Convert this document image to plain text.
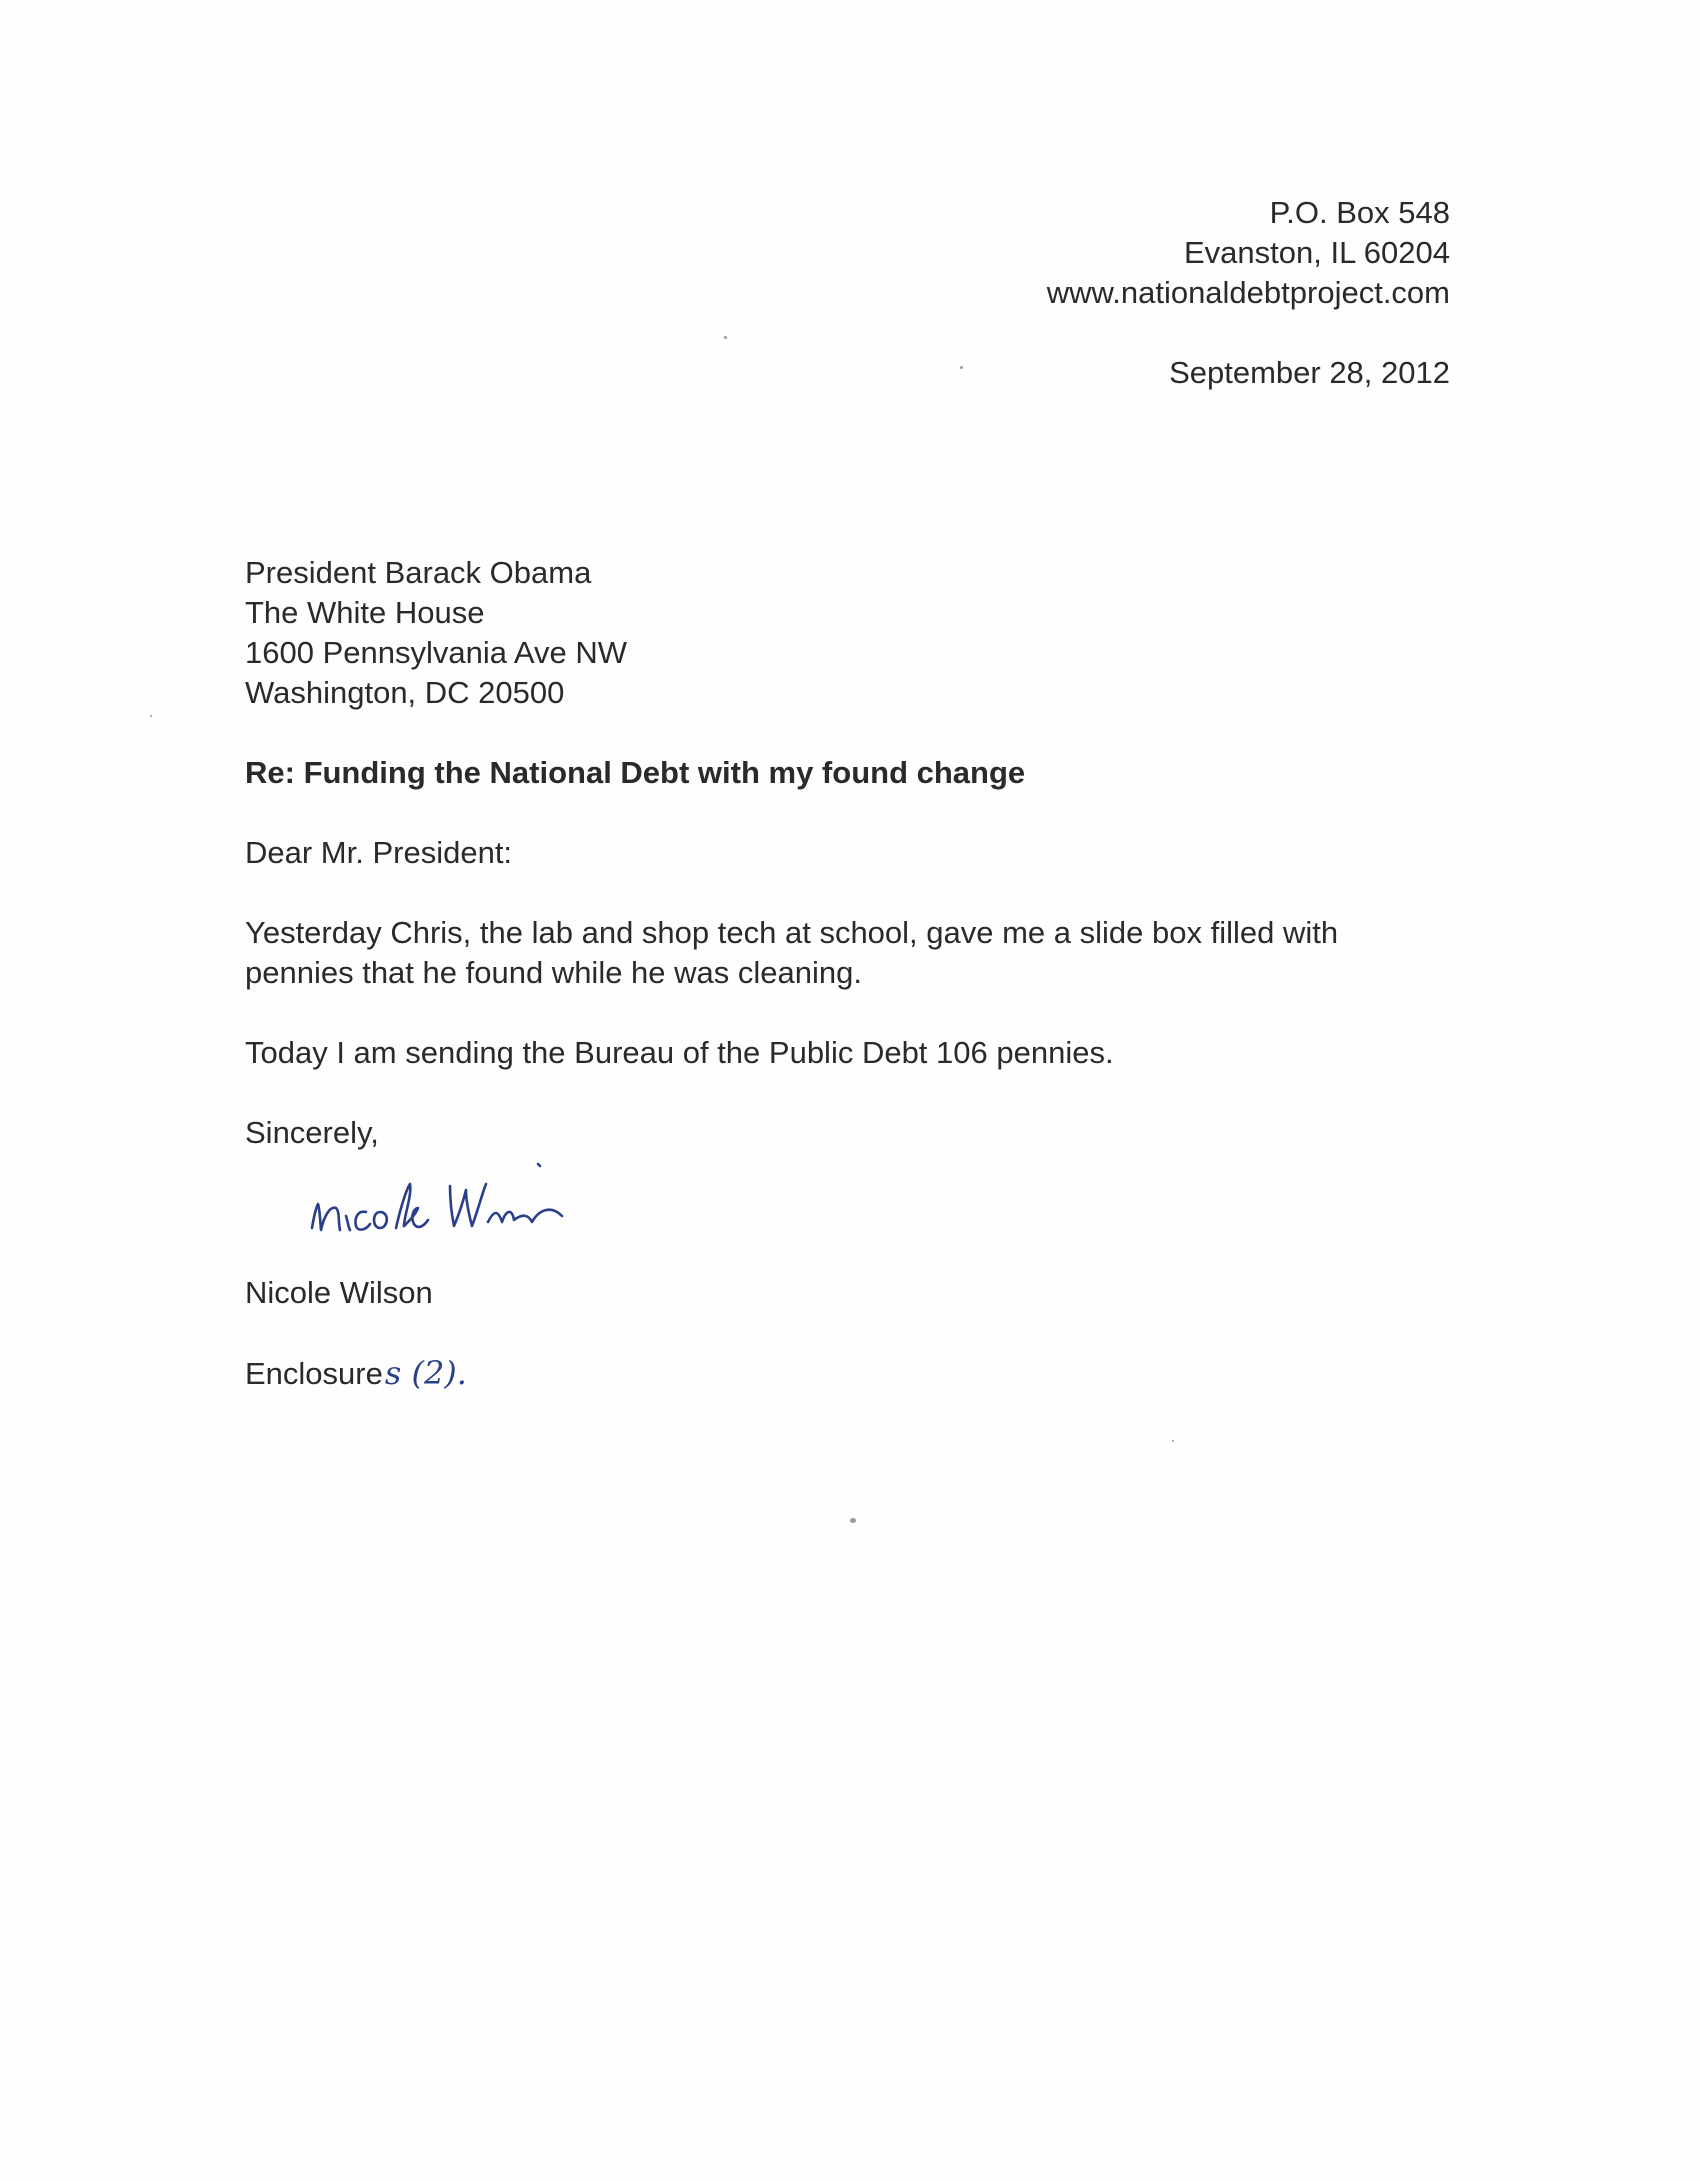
P.O. Box 548
Evanston, IL 60204
www.nationaldebtproject.com
September 28, 2012
President Barack Obama
The White House
1600 Pennsylvania Ave NW
Washington, DC 20500
Re: Funding the National Debt with my found change
Dear Mr. President:
Yesterday Chris, the lab and shop tech at school, gave me a slide box filled with
pennies that he found while he was cleaning.
Today I am sending the Bureau of the Public Debt 106 pennies.
Sincerely,
Nicole Wilson
Enclosures (2).
